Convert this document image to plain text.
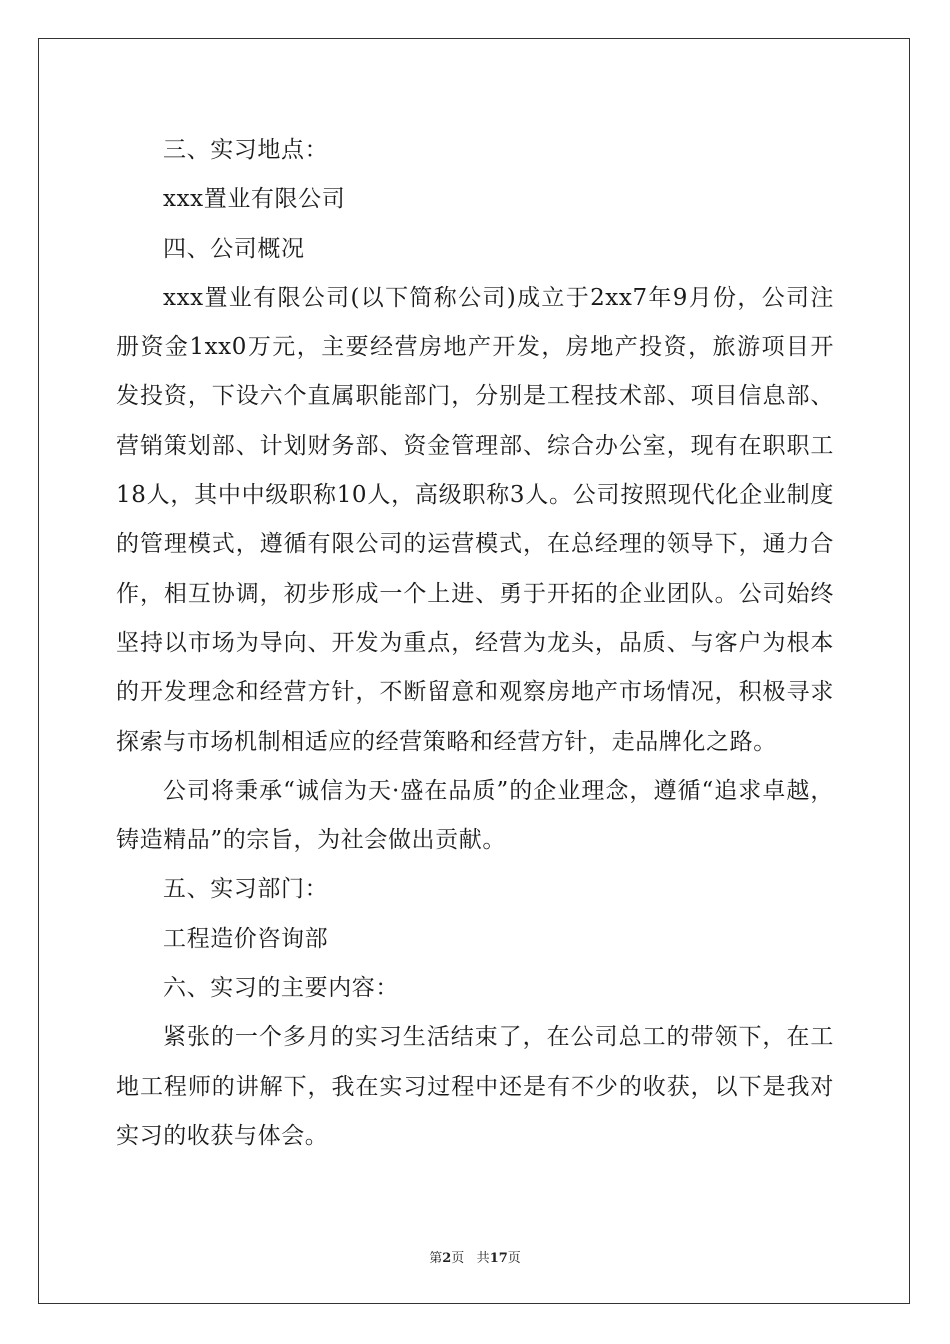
三、实习地点：

xxx置业有限公司

四、公司概况

xxx置业有限公司(以下简称公司)成立于2xx7年9月份，公司注册资金1xx0万元，主要经营房地产开发，房地产投资，旅游项目开发投资，下设六个直属职能部门，分别是工程技术部、项目信息部、营销策划部、计划财务部、资金管理部、综合办公室，现有在职职工18人，其中中级职称10人，高级职称3人。公司按照现代化企业制度的管理模式，遵循有限公司的运营模式，在总经理的领导下，通力合作，相互协调，初步形成一个上进、勇于开拓的企业团队。公司始终坚持以市场为导向、开发为重点，经营为龙头，品质、与客户为根本的开发理念和经营方针，不断留意和观察房地产市场情况，积极寻求探索与市场机制相适应的经营策略和经营方针，走品牌化之路。

公司将秉承“诚信为天·盛在品质”的企业理念，遵循“追求卓越，铸造精品”的宗旨，为社会做出贡献。

五、实习部门：

工程造价咨询部

六、实习的主要内容：

紧张的一个多月的实习生活结束了，在公司总工的带领下，在工地工程师的讲解下，我在实习过程中还是有不少的收获，以下是我对实习的收获与体会。

第2页 共17页
